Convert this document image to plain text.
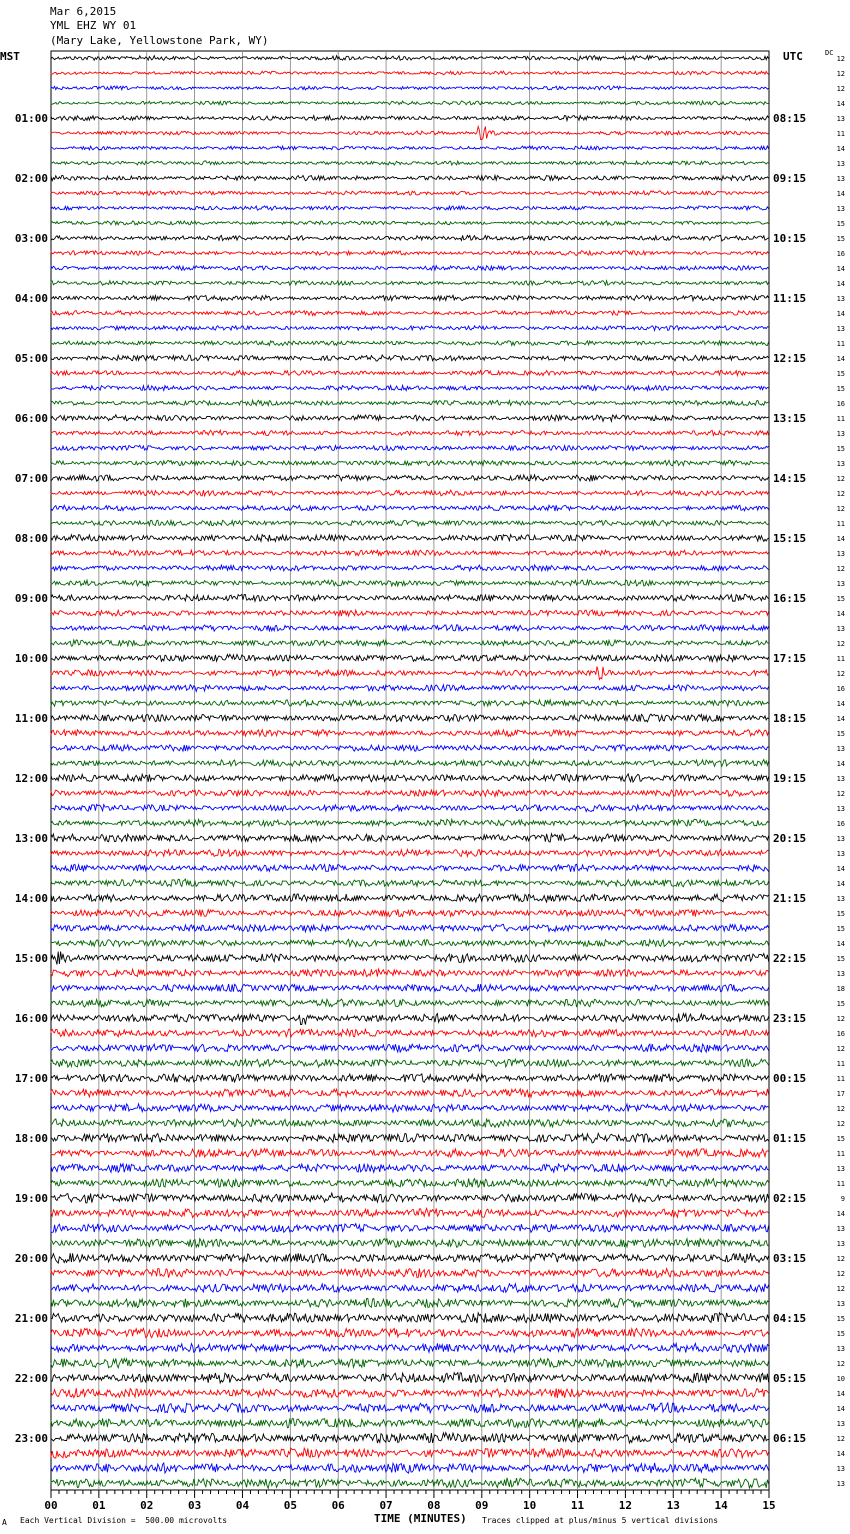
01:00
02:00
03:00
04:00
05:00
06:00
07:00
08:00
09:00
10:00
11:00
12:00
13:00
14:00
15:00
16:00
17:00
18:00
19:00
20:00
21:00
22:00
23:00
08:15
09:15
10:15
11:15
12:15
13:15
14:15
15:15
16:15
17:15
18:15
19:15
20:15
21:15
22:15
23:15
00:15
01:15
02:15
03:15
04:15
05:15
06:15
12
12
12
14
13
11
14
13
13
14
13
15
15
16
14
14
13
14
13
11
14
15
15
16
11
13
15
13
12
12
12
11
14
13
12
13
15
14
13
12
11
12
16
14
14
15
13
14
13
12
13
16
13
13
14
14
13
15
15
14
15
13
18
15
12
16
12
11
11
17
12
12
15
11
13
11
9
14
13
13
12
12
12
13
15
15
13
12
10
14
14
13
12
14
13
13
00	01	02	03	04	05	06	07	08	09	10	11	12	13	14	15
Mar 6,2015
YML EHZ WY 01
(Mary Lake, Yellowstone Park, WY)
MST	UTC	DC
A Each Vertical Division =  500.00 microvolts	TIME (MINUTES) Traces clipped at plus/minus 5 vertical divisions
